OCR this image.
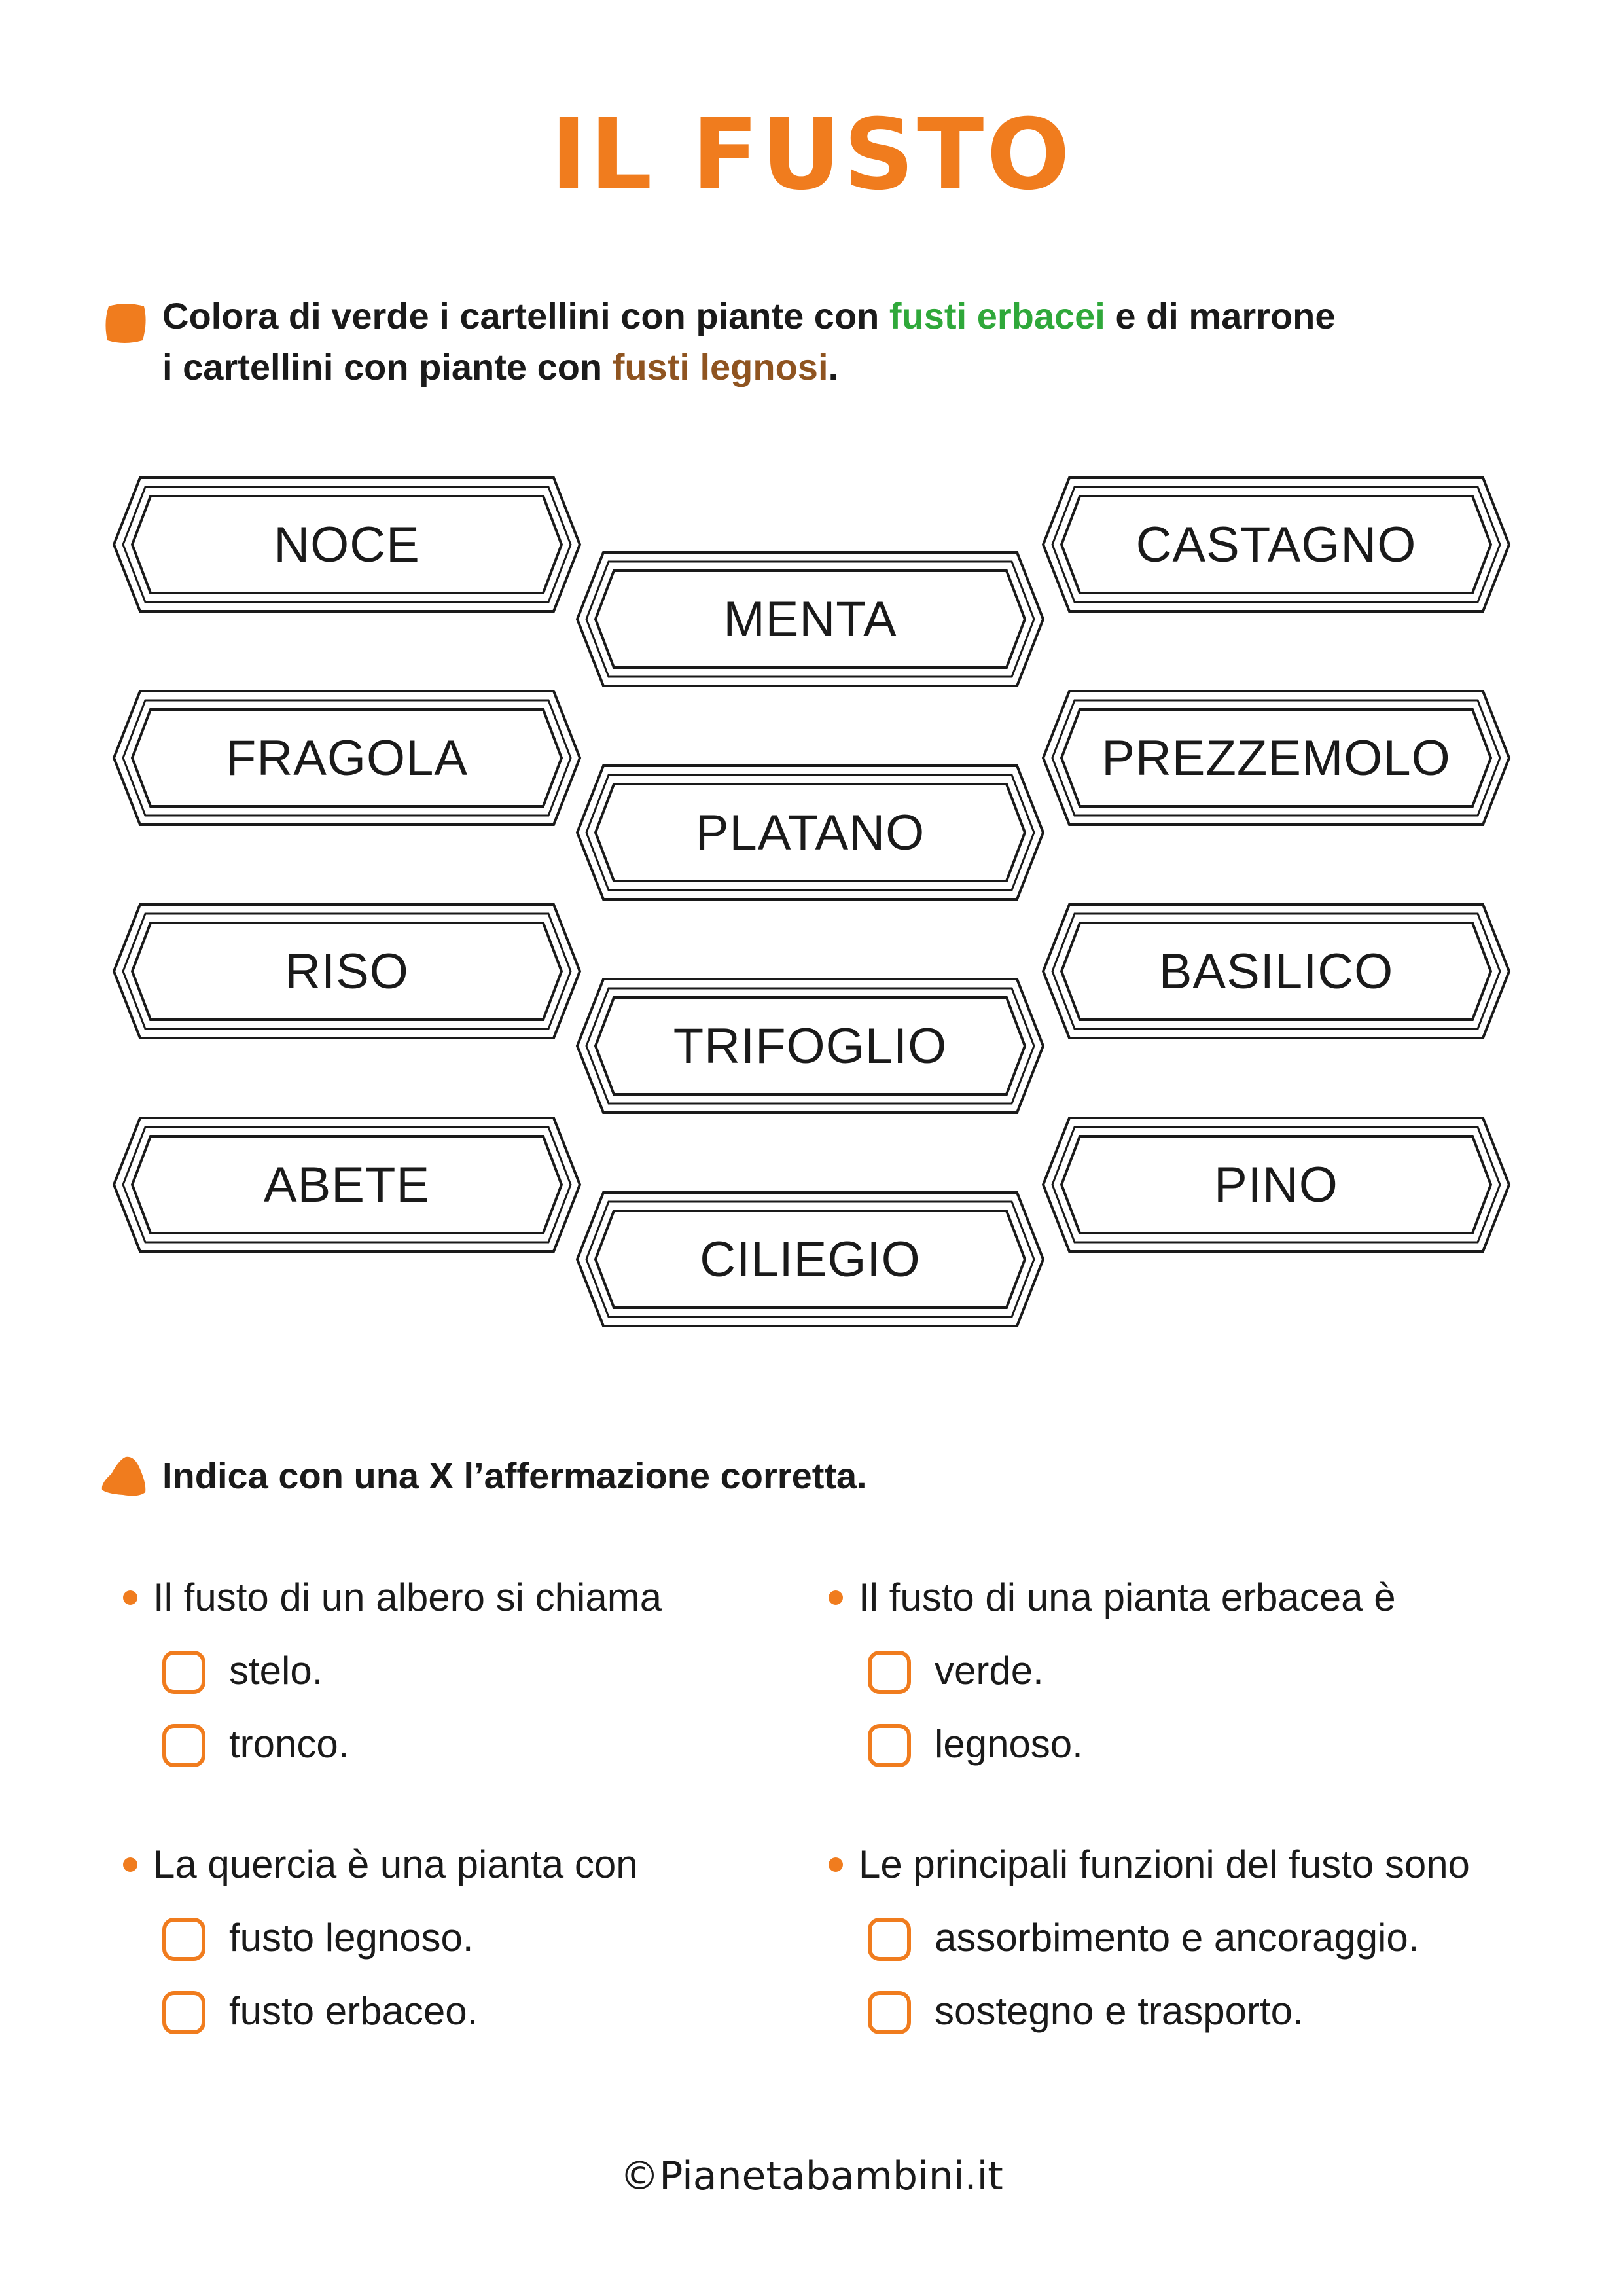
IL FUSTO
Colora di verde i cartellini con piante con fusti erbacei e di marrone
i cartellini con piante con fusti legnosi.
NOCE
FRAGOLA
RISO
ABETE
MENTA
PLATANO
TRIFOGLIO
CILIEGIO
CASTAGNO
PREZZEMOLO
BASILICO
PINO
Indica con una X l’affermazione corretta.
Il fusto di un albero si chiama
stelo.
tronco.
Il fusto di una pianta erbacea è
verde.
legnoso.
La quercia è una pianta con
fusto legnoso.
fusto erbaceo.
Le principali funzioni del fusto sono
assorbimento e ancoraggio.
sostegno e trasporto.
©Pianetabambini.it
